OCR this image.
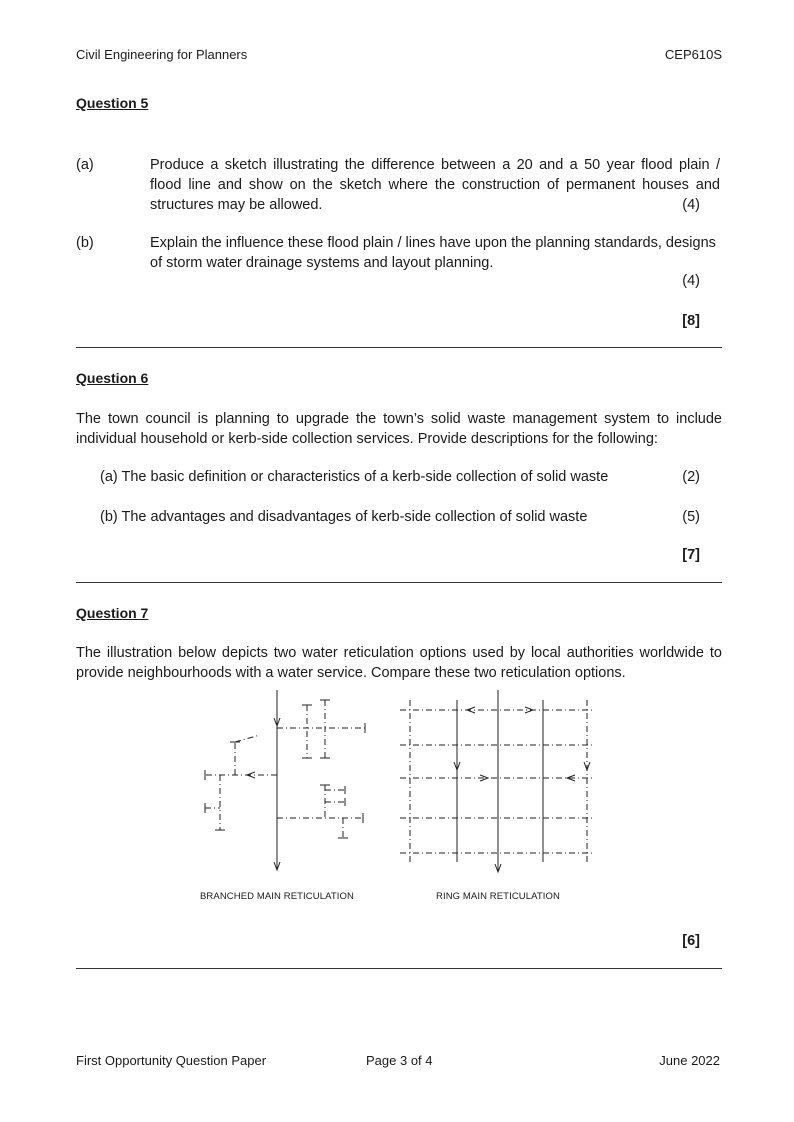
Civil Engineering for Planners	CEP610S
Question 5
(a)	Produce a sketch illustrating the difference between a 20 and a 50 year flood plain / flood line and show on the sketch where the construction of permanent houses and structures may be allowed.	(4)
(b)	Explain the influence these flood plain / lines have upon the planning standards, designs of storm water drainage systems and layout planning.
(4)
[8]
Question 6
The town council is planning to upgrade the town’s solid waste management system to include individual household or kerb-side collection services. Provide descriptions for the following:
(a) The basic definition or characteristics of a kerb-side collection of solid waste	(2)
(b) The advantages and disadvantages of kerb-side collection of solid waste	(5)
[7]
Question 7
The illustration below depicts two water reticulation options used by local authorities worldwide to provide neighbourhoods with a water service. Compare these two reticulation options.
BRANCHED MAIN RETICULATION	RING MAIN RETICULATION
[6]
First Opportunity Question Paper	Page 3 of 4	June 2022
